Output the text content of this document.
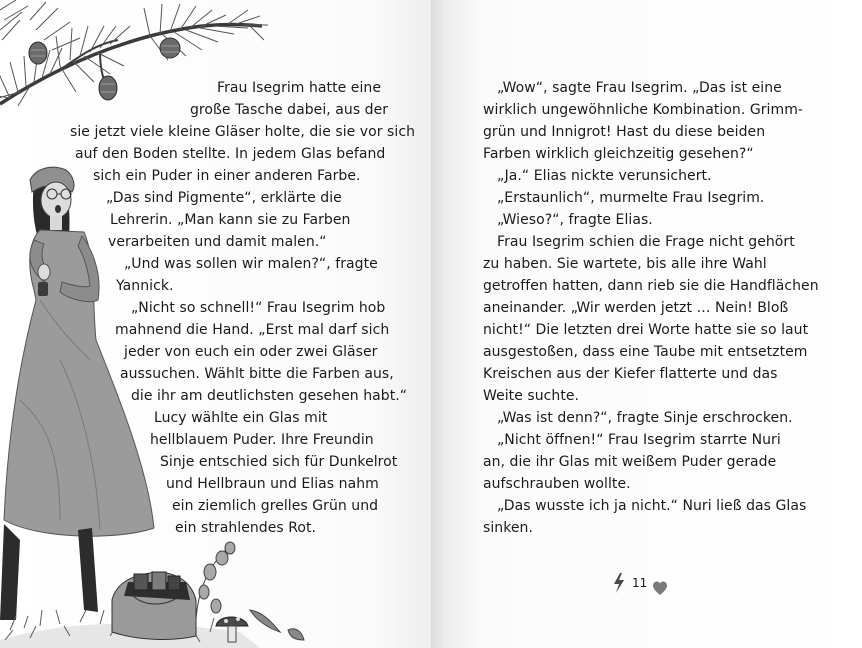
Frau Isegrim hatte eine
große Tasche dabei, aus der
sie jetzt viele kleine Gläser holte, die sie vor sich
auf den Boden stellte. In jedem Glas befand
sich ein Puder in einer anderen Farbe.
„Das sind Pigmente“, erklärte die
Lehrerin. „Man kann sie zu Farben
verarbeiten und damit malen.“
„Und was sollen wir malen?“, fragte
Yannick.
„Nicht so schnell!“ Frau Isegrim hob
mahnend die Hand. „Erst mal darf sich
jeder von euch ein oder zwei Gläser
aussuchen. Wählt bitte die Farben aus,
die ihr am deutlichsten gesehen habt.“
Lucy wählte ein Glas mit
hellblauem Puder. Ihre Freundin
Sinje entschied sich für Dunkelrot
und Hellbraun und Elias nahm
ein ziemlich grelles Grün und
ein strahlendes Rot.
„Wow“, sagte Frau Isegrim. „Das ist eine
wirklich ungewöhnliche Kombination. Grimm-
grün und Innigrot! Hast du diese beiden
Farben wirklich gleichzeitig gesehen?“
„Ja.“ Elias nickte verunsichert.
„Erstaunlich“, murmelte Frau Isegrim.
„Wieso?“, fragte Elias.
Frau Isegrim schien die Frage nicht gehört
zu haben. Sie wartete, bis alle ihre Wahl
getroffen hatten, dann rieb sie die Handflächen
aneinander. „Wir werden jetzt … Nein! Bloß
nicht!“ Die letzten drei Worte hatte sie so laut
ausgestoßen, dass eine Taube mit entsetztem
Kreischen aus der Kiefer flatterte und das
Weite suchte.
„Was ist denn?“, fragte Sinje erschrocken.
„Nicht öffnen!“ Frau Isegrim starrte Nuri
an, die ihr Glas mit weißem Puder gerade
aufschrauben wollte.
„Das wusste ich ja nicht.“ Nuri ließ das Glas
sinken.
11
